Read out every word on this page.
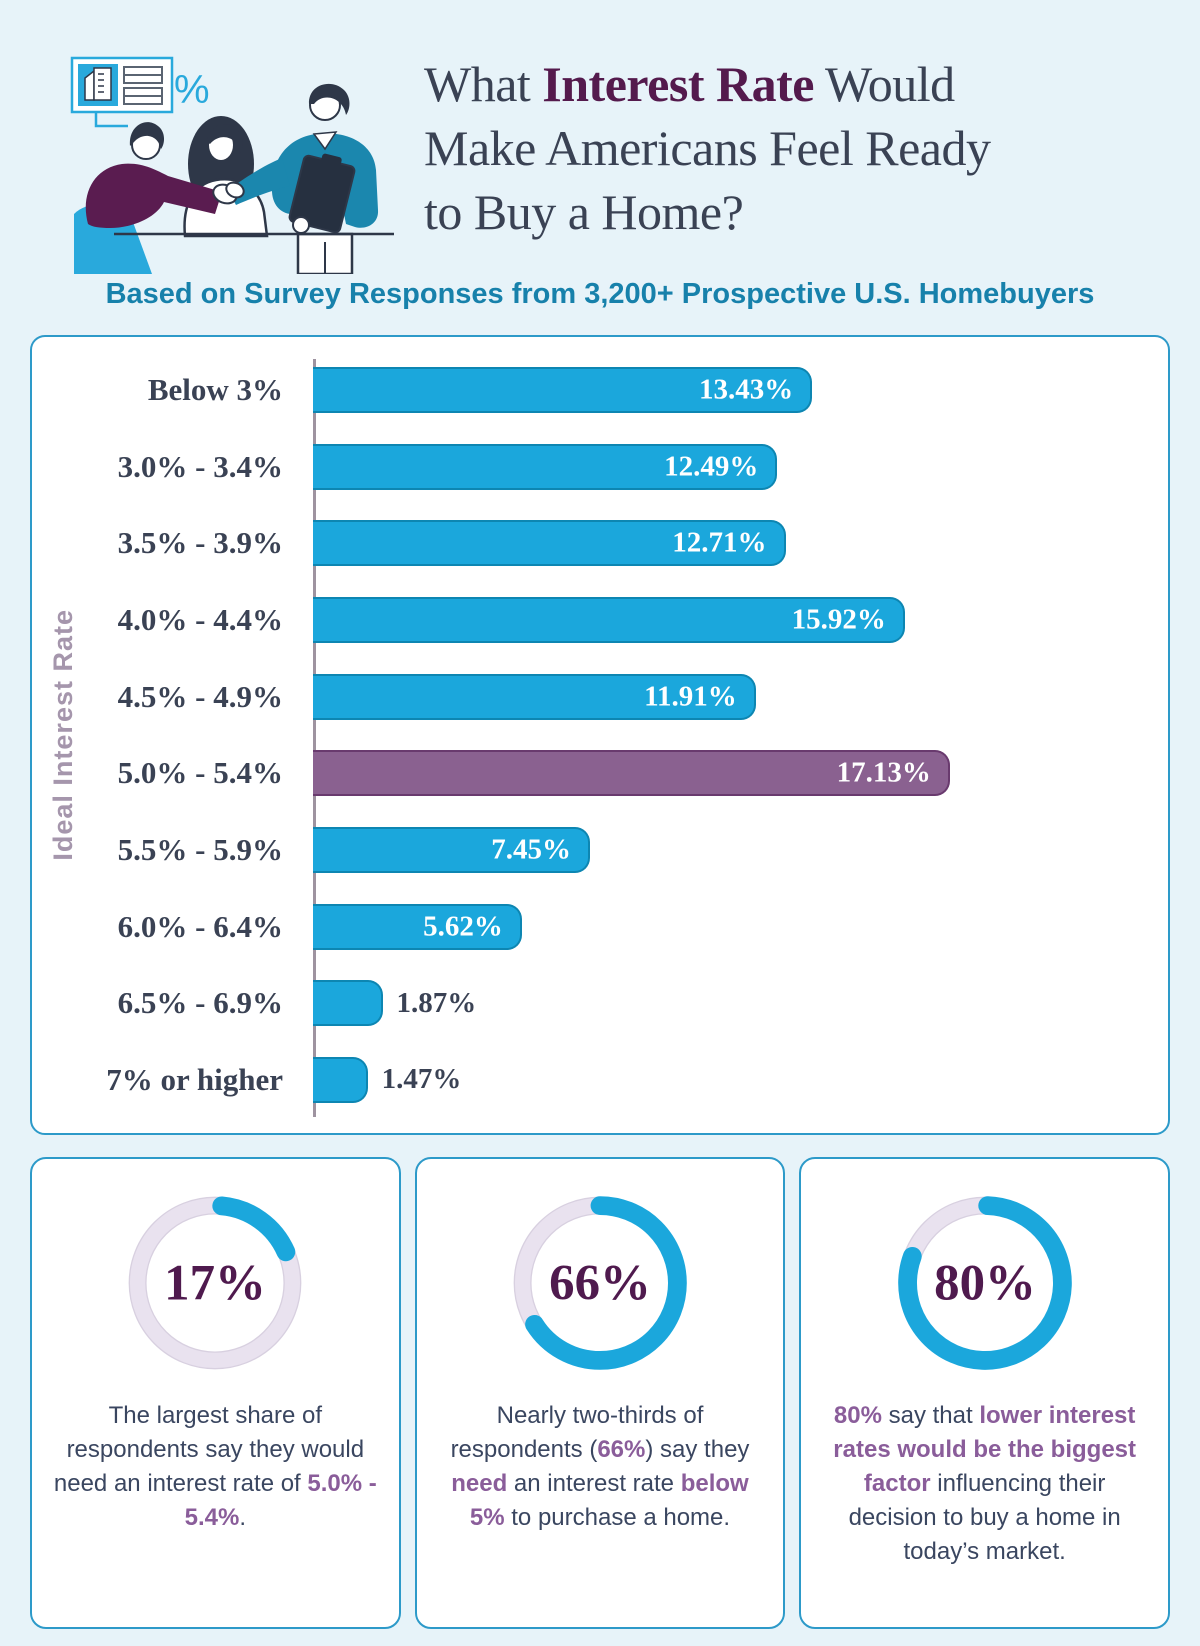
%	What Interest Rate Would
Make Americans Feel Ready
to Buy a Home?
Based on Survey Responses from 3,200+ Prospective U.S. Homebuyers
Ideal Interest Rate
Below 3%	13.43%
3.0% - 3.4%	12.49%
3.5% - 3.9%	12.71%
4.0% - 4.4%	15.92%
4.5% - 4.9%	11.91%
5.0% - 5.4%	17.13%
5.5% - 5.9%	7.45%
6.0% - 6.4%	5.62%
6.5% - 6.9%	1.87%
7% or higher	1.47%
17%

The largest share of respondents say they would need an interest rate of 5.0% - 5.4%.

66%

Nearly two-thirds of respondents (66%) say they need an interest rate below 5% to purchase a home.

80%

80% say that lower interest rates would be the biggest factor influencing their decision to buy a home in today’s market.
